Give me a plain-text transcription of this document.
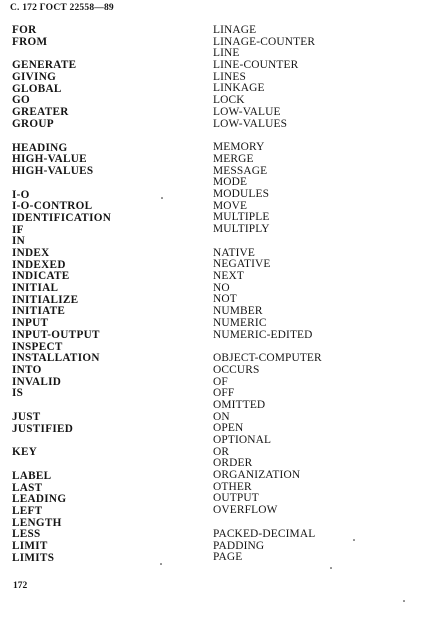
С. 172 ГОСТ 22558—89
FOR
FROM
GENERATE
GIVING
GLOBAL
GO
GREATER
GROUP
HEADING
HIGH-VALUE
HIGH-VALUES
I-O
I-O-CONTROL
IDENTIFICATION
IF
IN
INDEX
INDEXED
INDICATE
INITIAL
INITIALIZE
INITIATE
INPUT
INPUT-OUTPUT
INSPECT
INSTALLATION
INTO
INVALID
IS
JUST
JUSTIFIED
KEY
LABEL
LAST
LEADING
LEFT
LENGTH
LESS
LIMIT
LIMITS
LINAGE
LINAGE-COUNTER
LINE
LINE-COUNTER
LINES
LINKAGE
LOCK
LOW-VALUE
LOW-VALUES
MEMORY
MERGE
MESSAGE
MODE
MODULES
MOVE
MULTIPLE
MULTIPLY
NATIVE
NEGATIVE
NEXT
NO
NOT
NUMBER
NUMERIC
NUMERIC-EDITED
OBJECT-COMPUTER
OCCURS
OF
OFF
OMITTED
ON
OPEN
OPTIONAL
OR
ORDER
ORGANIZATION
OTHER
OUTPUT
OVERFLOW
PACKED-DECIMAL
PADDING
PAGE
172
